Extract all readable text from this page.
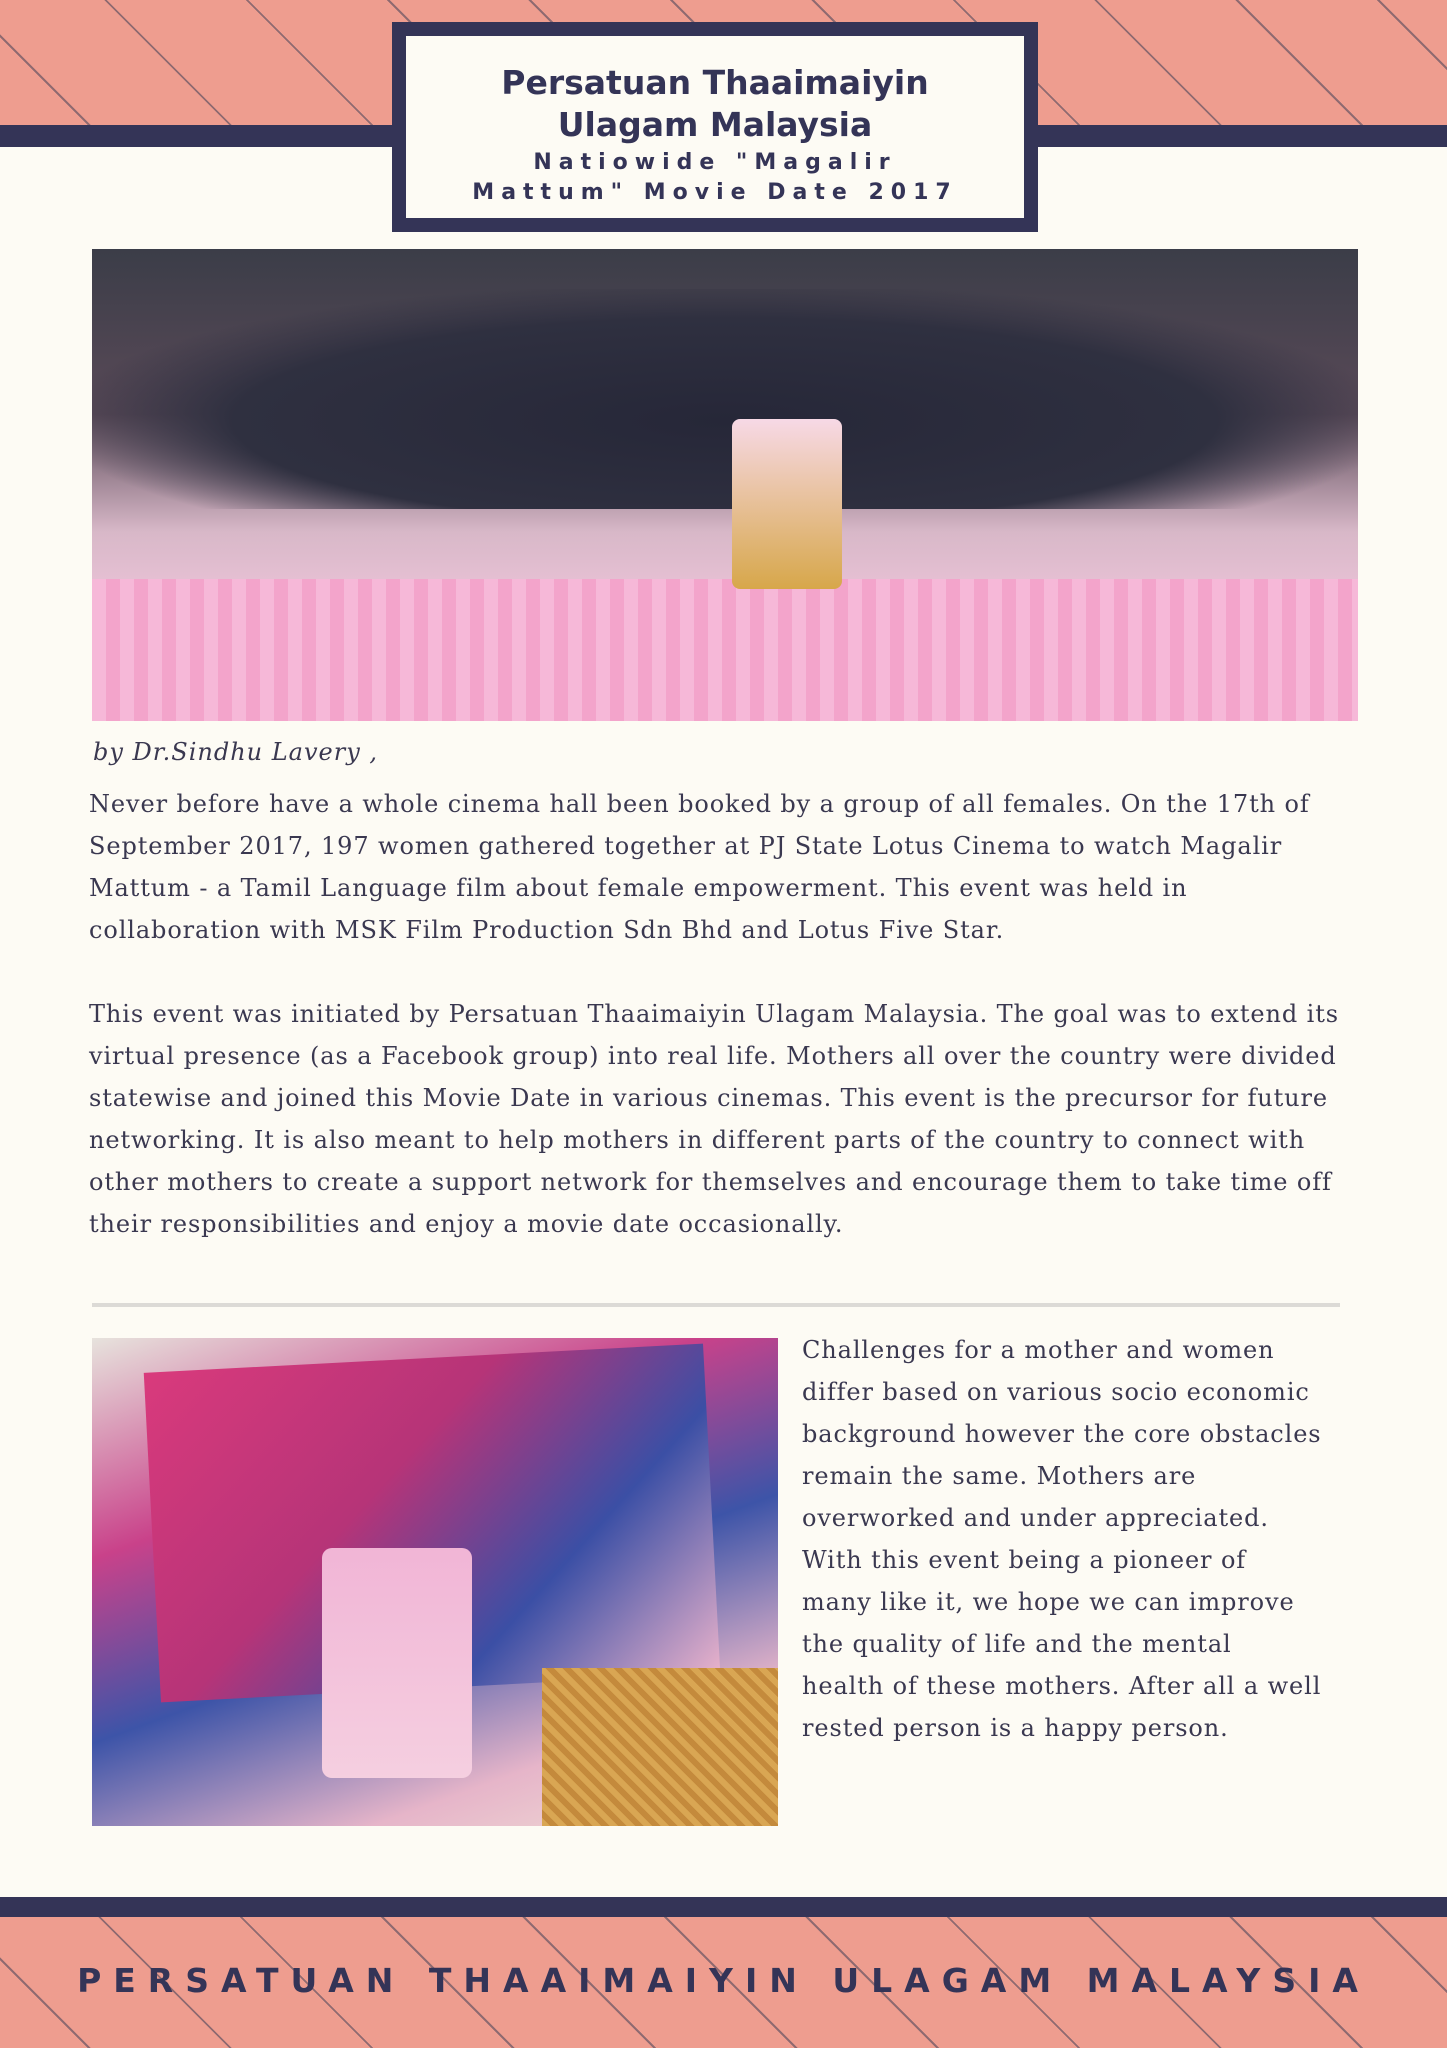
Persatuan Thaaimaiyin

Ulagam Malaysia

Natiowide "Magalir

Mattum" Movie Date 2017

by Dr.Sindhu Lavery ,

Never before have a whole cinema hall been booked by a group of all females. On the 17th of September 2017, 197 women gathered together at PJ State Lotus Cinema to watch Magalir Mattum - a Tamil Language film about female empowerment. This event was held in collaboration with MSK Film Production Sdn Bhd and Lotus Five Star.

This event was initiated by Persatuan Thaaimaiyin Ulagam Malaysia. The goal was to extend its virtual presence (as a Facebook group) into real life. Mothers all over the country were divided statewise and joined this Movie Date in various cinemas. This event is the precursor for future networking. It is also meant to help mothers in different parts of the country to connect with other mothers to create a support network for themselves and encourage them to take time off their responsibilities and enjoy a movie date occasionally.

Challenges for a mother and women differ based on various socio economic background however the core obstacles remain the same. Mothers are overworked and under appreciated. With this event being a pioneer of many like it, we hope we can improve the quality of life and the mental health of these mothers. After all a well rested person is a happy person.

PERSATUAN THAAIMAIYIN ULAGAM MALAYSIA
